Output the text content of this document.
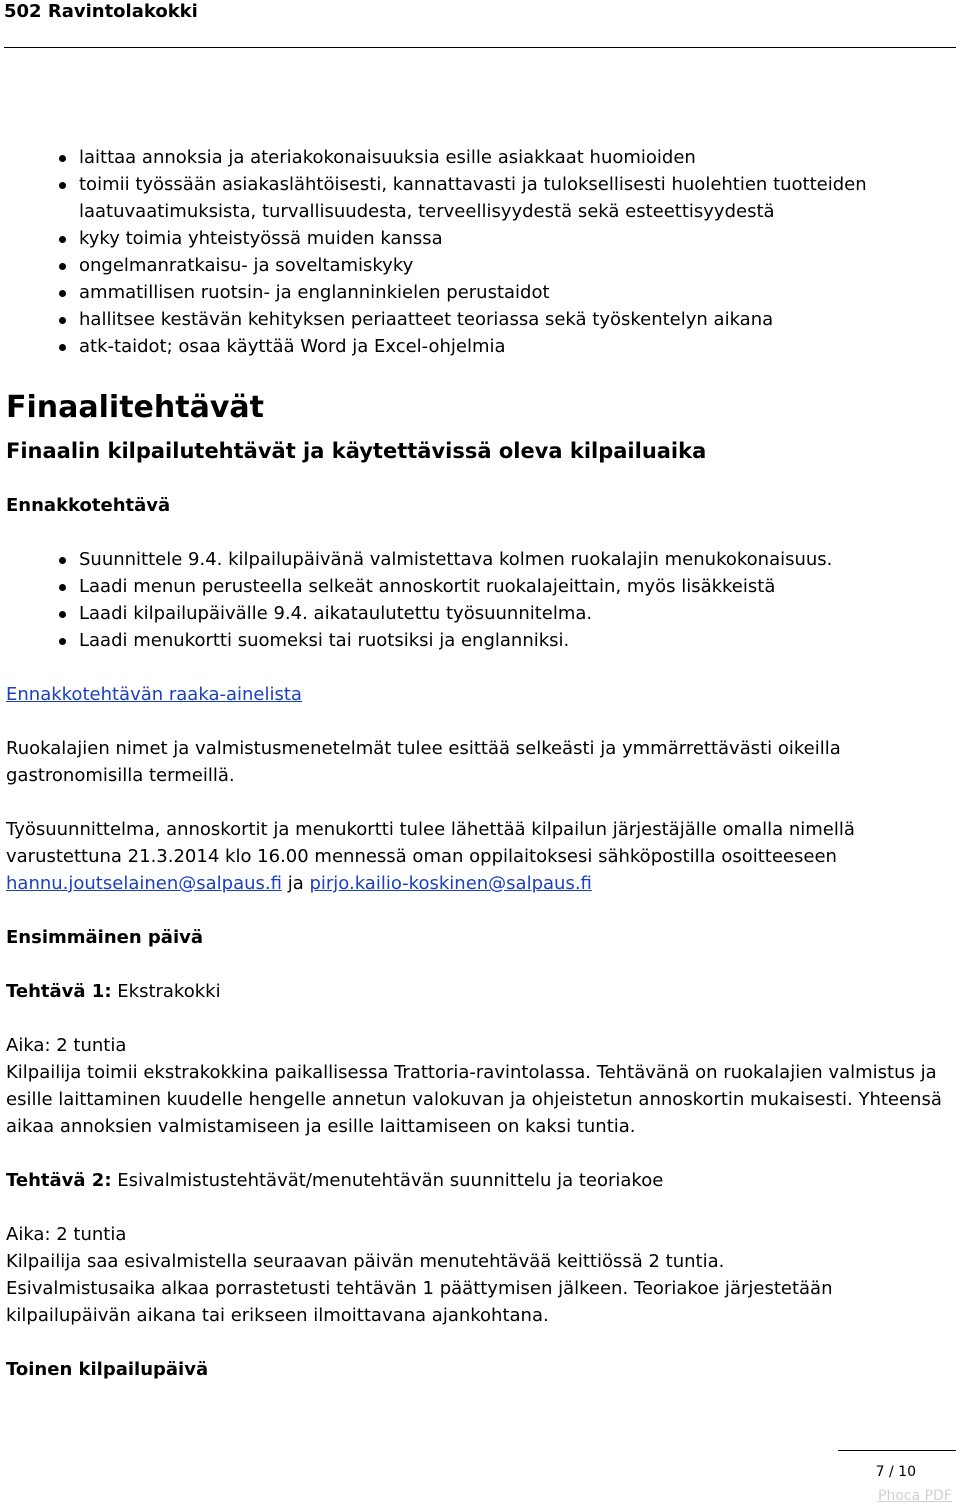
502 Ravintolakokki
laittaa annoksia ja ateriakokonaisuuksia esille asiakkaat huomioiden
toimii työssään asiakaslähtöisesti, kannattavasti ja tuloksellisesti huolehtien tuotteiden laatuvaatimuksista, turvallisuudesta, terveellisyydestä sekä esteettisyydestä
kyky toimia yhteistyössä muiden kanssa
ongelmanratkaisu- ja soveltamiskyky
ammatillisen ruotsin- ja englanninkielen perustaidot
hallitsee kestävän kehityksen periaatteet teoriassa sekä työskentelyn aikana
atk-taidot; osaa käyttää Word ja Excel-ohjelmia
Finaalitehtävät
Finaalin kilpailutehtävät ja käytettävissä oleva kilpailuaika
Ennakkotehtävä
Suunnittele 9.4. kilpailupäivänä valmistettava kolmen ruokalajin menukokonaisuus.
Laadi menun perusteella selkeät annoskortit ruokalajeittain, myös lisäkkeistä
Laadi kilpailupäivälle 9.4. aikataulutettu työsuunnitelma.
Laadi menukortti suomeksi tai ruotsiksi ja englanniksi.
Ennakkotehtävän raaka-ainelista
Ruokalajien nimet ja valmistusmenetelmät tulee esittää selkeästi ja ymmärrettävästi oikeilla gastronomisilla termeillä.
Työsuunnittelma, annoskortit ja menukortti tulee lähettää kilpailun järjestäjälle omalla nimellä varustettuna 21.3.2014 klo 16.00 mennessä oman oppilaitoksesi sähköpostilla osoitteeseen hannu.joutselainen@salpaus.fi ja pirjo.kailio-koskinen@salpaus.fi
Ensimmäinen päivä
Tehtävä 1: Ekstrakokki
Aika: 2 tuntia
Kilpailija toimii ekstrakokkina paikallisessa Trattoria-ravintolassa. Tehtävänä on ruokalajien valmistus ja esille laittaminen kuudelle hengelle annetun valokuvan ja ohjeistetun annoskortin mukaisesti. Yhteensä aikaa annoksien valmistamiseen ja esille laittamiseen on kaksi tuntia.
Tehtävä 2: Esivalmistustehtävät/menutehtävän suunnittelu ja teoriakoe
Aika: 2 tuntia
Kilpailija saa esivalmistella seuraavan päivän menutehtävää keittiössä 2 tuntia.
Esivalmistusaika alkaa porrastetusti tehtävän 1 päättymisen jälkeen. Teoriakoe järjestetään kilpailupäivän aikana tai erikseen ilmoittavana ajankohtana.
Toinen kilpailupäivä
7 / 10
Phoca PDF
